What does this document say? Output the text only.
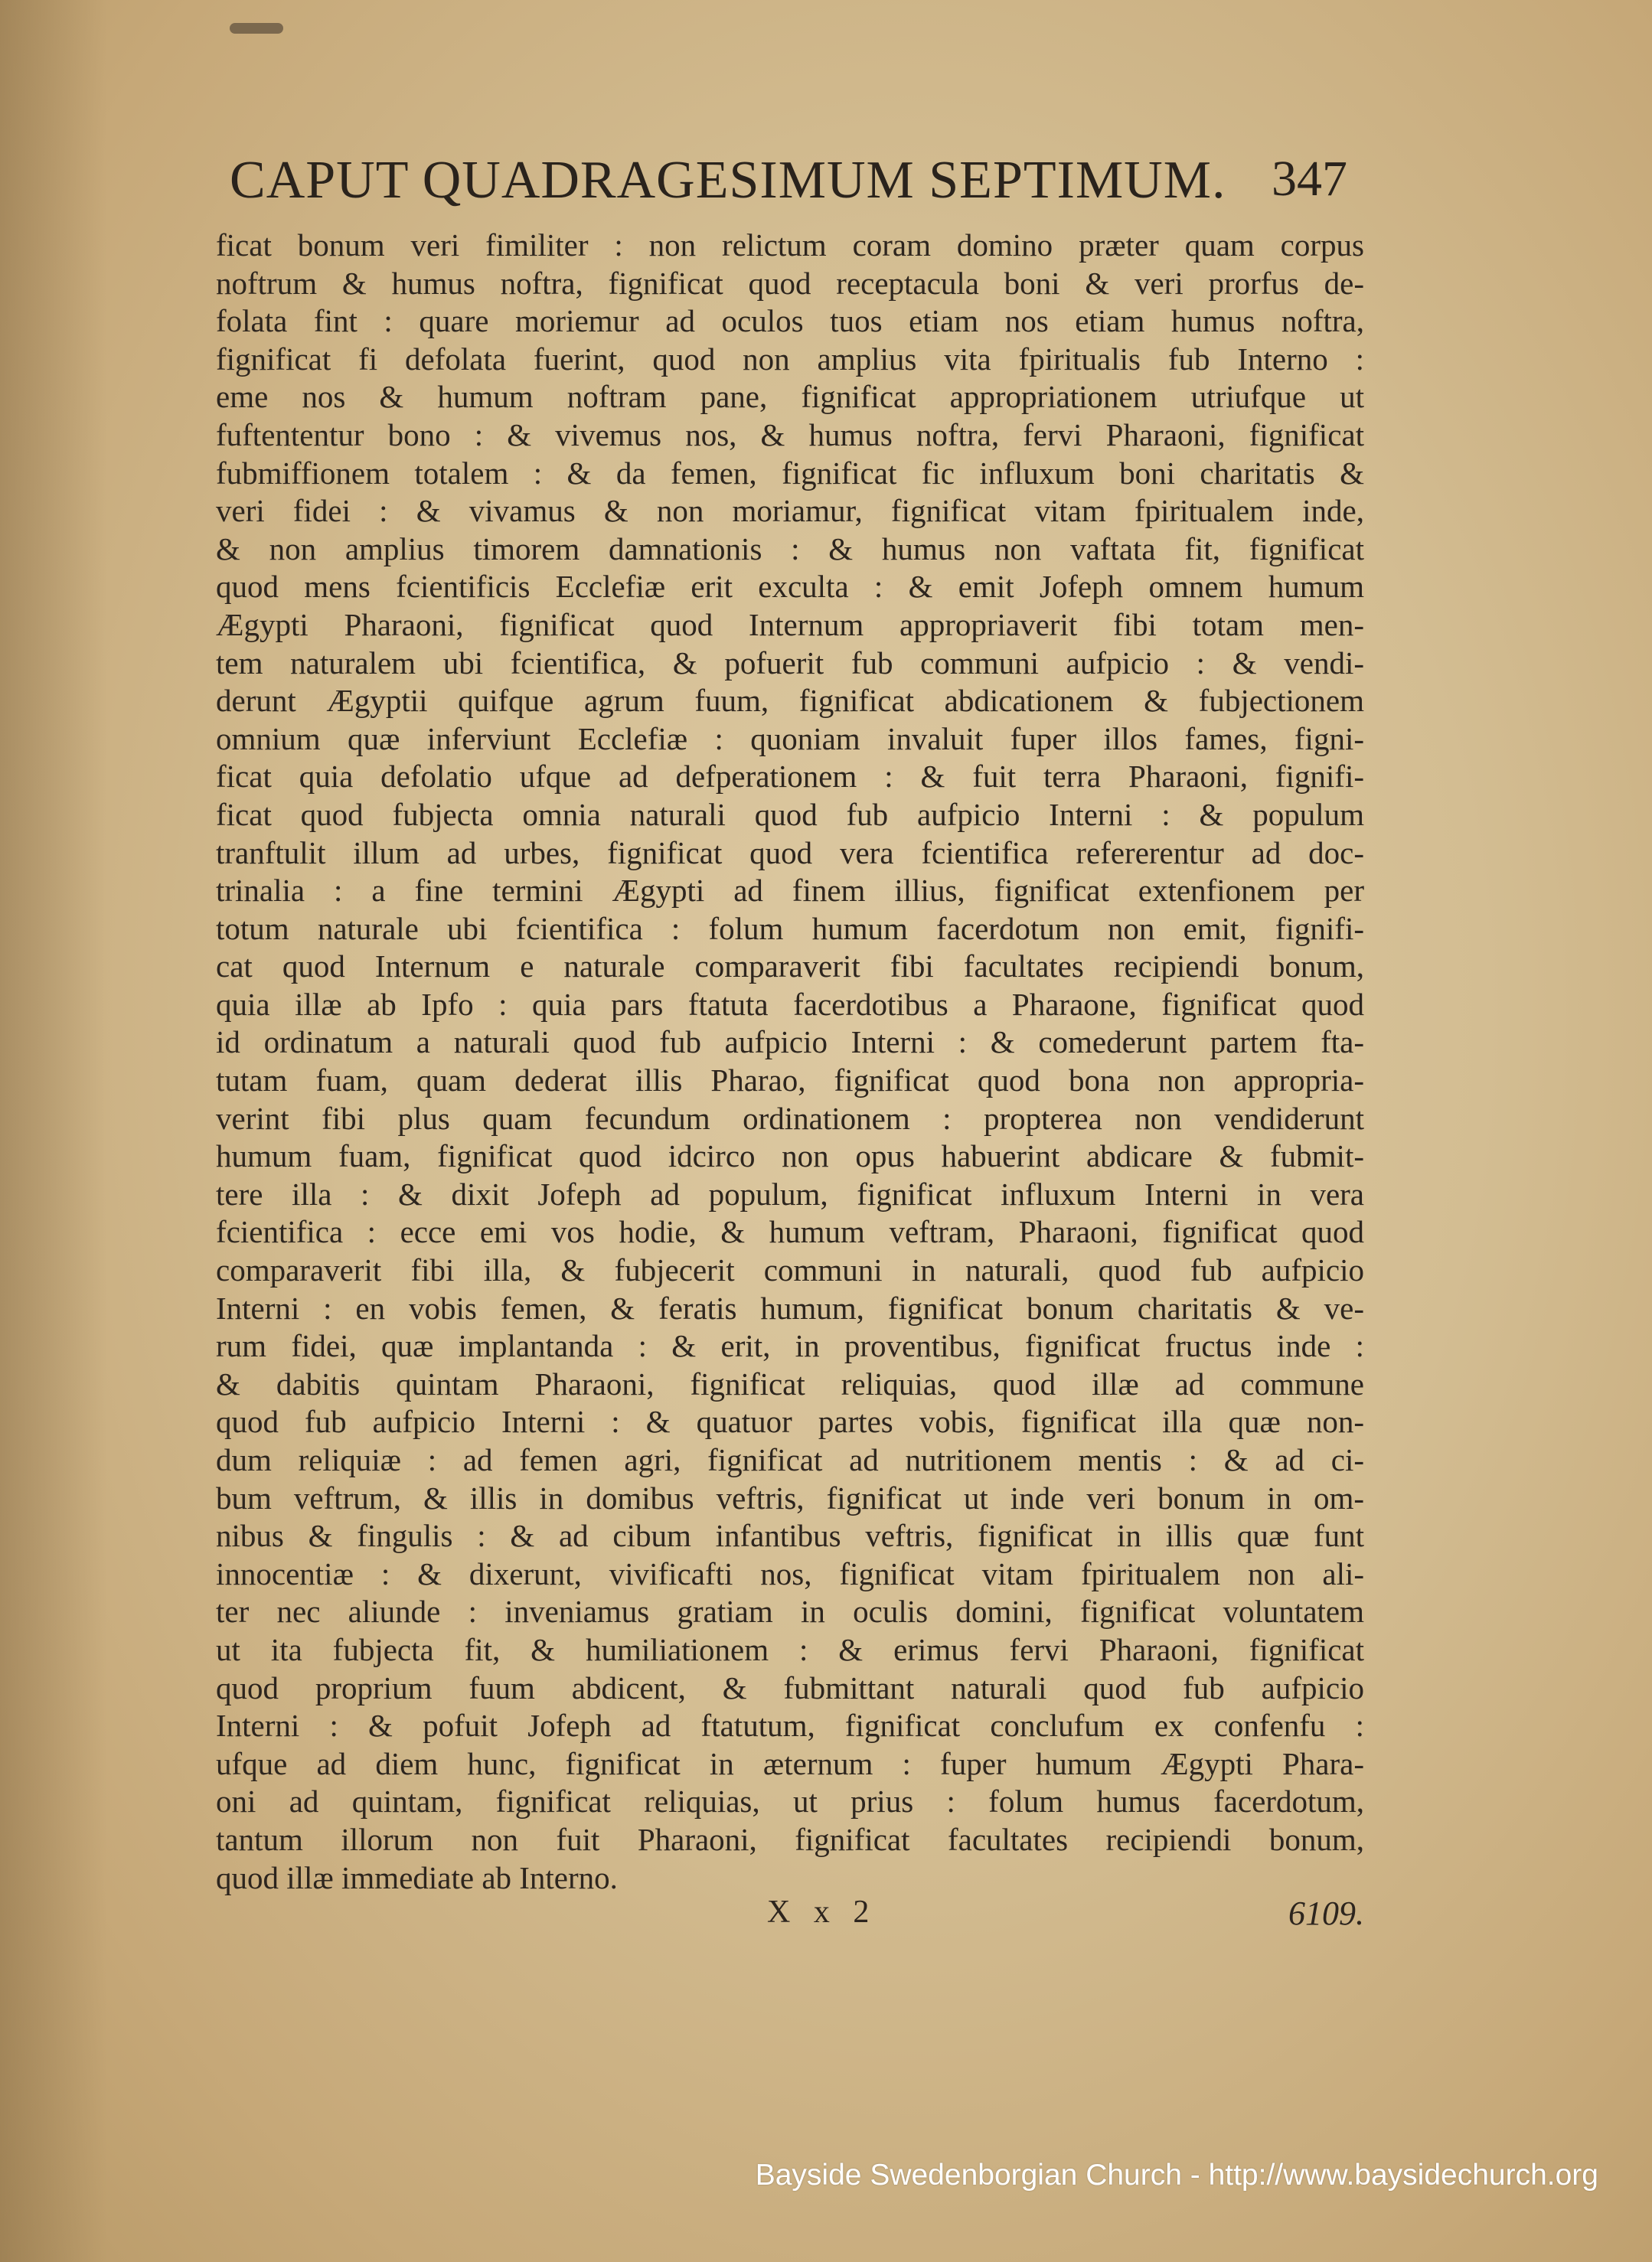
CAPUT QUADRAGESIMUM SEPTIMUM. 347
ficat bonum veri fimiliter : non relictum coram domino præter quam corpus
noftrum & humus noftra, fignificat quod receptacula boni & veri prorfus de-
folata fint : quare moriemur ad oculos tuos etiam nos etiam humus noftra,
fignificat fi defolata fuerint, quod non amplius vita fpiritualis fub Interno :
eme nos & humum noftram pane, fignificat appropriationem utriufque ut
fuftententur bono : & vivemus nos, & humus noftra, fervi Pharaoni, fignificat
fubmiffionem totalem : & da femen, fignificat fic influxum boni charitatis &
veri fidei : & vivamus & non moriamur, fignificat vitam fpiritualem inde,
& non amplius timorem damnationis : & humus non vaftata fit, fignificat
quod mens fcientificis Ecclefiæ erit exculta : & emit Jofeph omnem humum
Ægypti Pharaoni, fignificat quod Internum appropriaverit fibi totam men-
tem naturalem ubi fcientifica, & pofuerit fub communi aufpicio : & vendi-
derunt Ægyptii quifque agrum fuum, fignificat abdicationem & fubjectionem
omnium quæ inferviunt Ecclefiæ : quoniam invaluit fuper illos fames, figni-
ficat quia defolatio ufque ad defperationem : & fuit terra Pharaoni, fignifi-
ficat quod fubjecta omnia naturali quod fub aufpicio Interni : & populum
tranftulit illum ad urbes, fignificat quod vera fcientifica refererentur ad doc-
trinalia : a fine termini Ægypti ad finem illius, fignificat extenfionem per
totum naturale ubi fcientifica : folum humum facerdotum non emit, fignifi-
cat quod Internum e naturale comparaverit fibi facultates recipiendi bonum,
quia illæ ab Ipfo : quia pars ftatuta facerdotibus a Pharaone, fignificat quod
id ordinatum a naturali quod fub aufpicio Interni : & comederunt partem fta-
tutam fuam, quam dederat illis Pharao, fignificat quod bona non appropria-
verint fibi plus quam fecundum ordinationem : propterea non vendiderunt
humum fuam, fignificat quod idcirco non opus habuerint abdicare & fubmit-
tere illa : & dixit Jofeph ad populum, fignificat influxum Interni in vera
fcientifica : ecce emi vos hodie, & humum veftram, Pharaoni, fignificat quod
comparaverit fibi illa, & fubjecerit communi in naturali, quod fub aufpicio
Interni : en vobis femen, & feratis humum, fignificat bonum charitatis & ve-
rum fidei, quæ implantanda : & erit, in proventibus, fignificat fructus inde :
& dabitis quintam Pharaoni, fignificat reliquias, quod illæ ad commune
quod fub aufpicio Interni : & quatuor partes vobis, fignificat illa quæ non-
dum reliquiæ : ad femen agri, fignificat ad nutritionem mentis : & ad ci-
bum veftrum, & illis in domibus veftris, fignificat ut inde veri bonum in om-
nibus & fingulis : & ad cibum infantibus veftris, fignificat in illis quæ funt
innocentiæ : & dixerunt, vivificafti nos, fignificat vitam fpiritualem non ali-
ter nec aliunde : inveniamus gratiam in oculis domini, fignificat voluntatem
ut ita fubjecta fit, & humiliationem : & erimus fervi Pharaoni, fignificat
quod proprium fuum abdicent, & fubmittant naturali quod fub aufpicio
Interni : & pofuit Jofeph ad ftatutum, fignificat conclufum ex confenfu :
ufque ad diem hunc, fignificat in æternum : fuper humum Ægypti Phara-
oni ad quintam, fignificat reliquias, ut prius : folum humus facerdotum,
tantum illorum non fuit Pharaoni, fignificat facultates recipiendi bonum,
quod illæ immediate ab Interno.
X x 2	6109.
Bayside Swedenborgian Church - http://www.baysidechurch.org
